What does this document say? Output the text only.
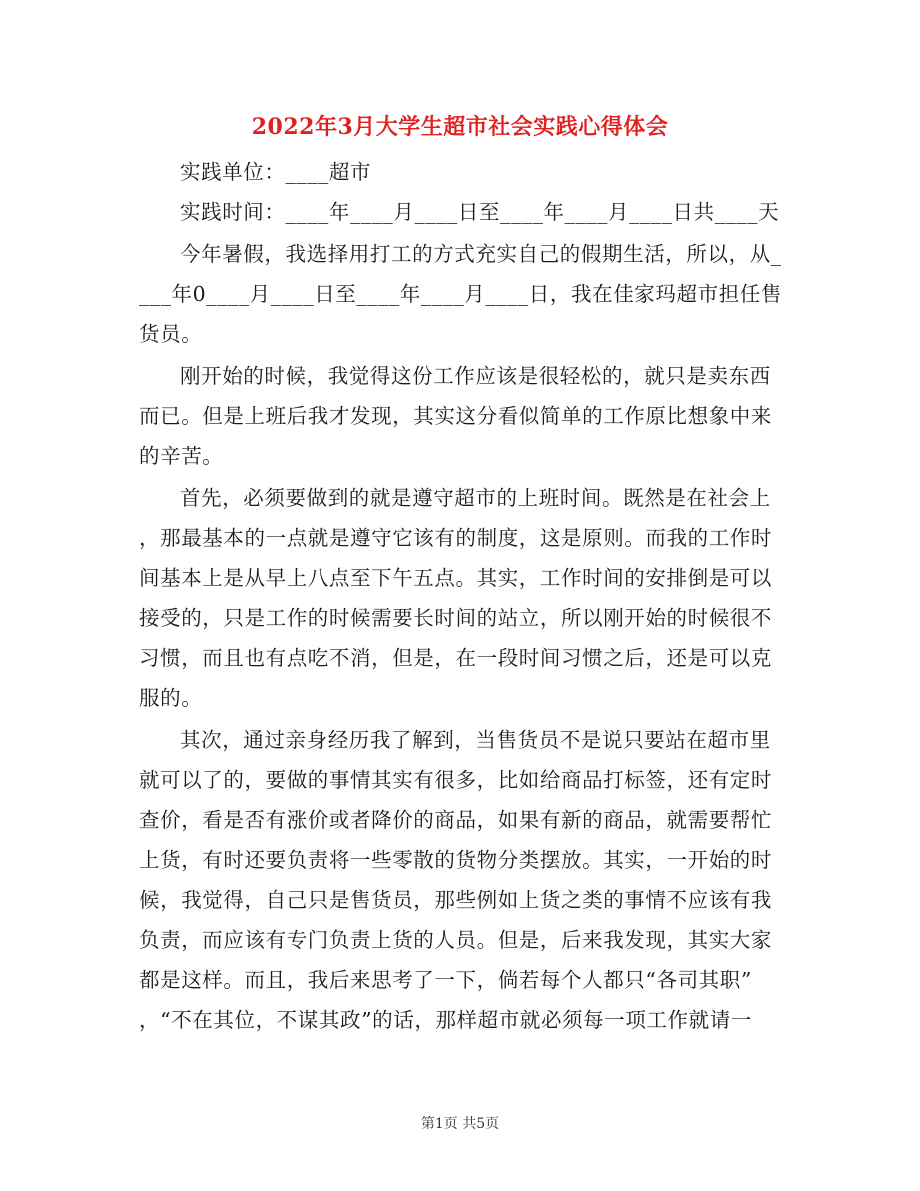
2022年3月大学生超市社会实践心得体会
实践单位：____超市
实践时间：____年____月____日至____年____月____日共____天
今年暑假，我选择用打工的方式充实自己的假期生活，所以，从_
___年0____月____日至____年____月____日，我在佳家玛超市担任售
货员。
刚开始的时候，我觉得这份工作应该是很轻松的，就只是卖东西
而已。但是上班后我才发现，其实这分看似简单的工作原比想象中来
的辛苦。
首先，必须要做到的就是遵守超市的上班时间。既然是在社会上
，那最基本的一点就是遵守它该有的制度，这是原则。而我的工作时
间基本上是从早上八点至下午五点。其实，工作时间的安排倒是可以
接受的，只是工作的时候需要长时间的站立，所以刚开始的时候很不
习惯，而且也有点吃不消，但是，在一段时间习惯之后，还是可以克
服的。
其次，通过亲身经历我了解到，当售货员不是说只要站在超市里
就可以了的，要做的事情其实有很多，比如给商品打标签，还有定时
查价，看是否有涨价或者降价的商品，如果有新的商品，就需要帮忙
上货，有时还要负责将一些零散的货物分类摆放。其实，一开始的时
候，我觉得，自己只是售货员，那些例如上货之类的事情不应该有我
负责，而应该有专门负责上货的人员。但是，后来我发现，其实大家
都是这样。而且，我后来思考了一下，倘若每个人都只“各司其职”
，“不在其位，不谋其政”的话，那样超市就必须每一项工作就请一
第1页 共5页
